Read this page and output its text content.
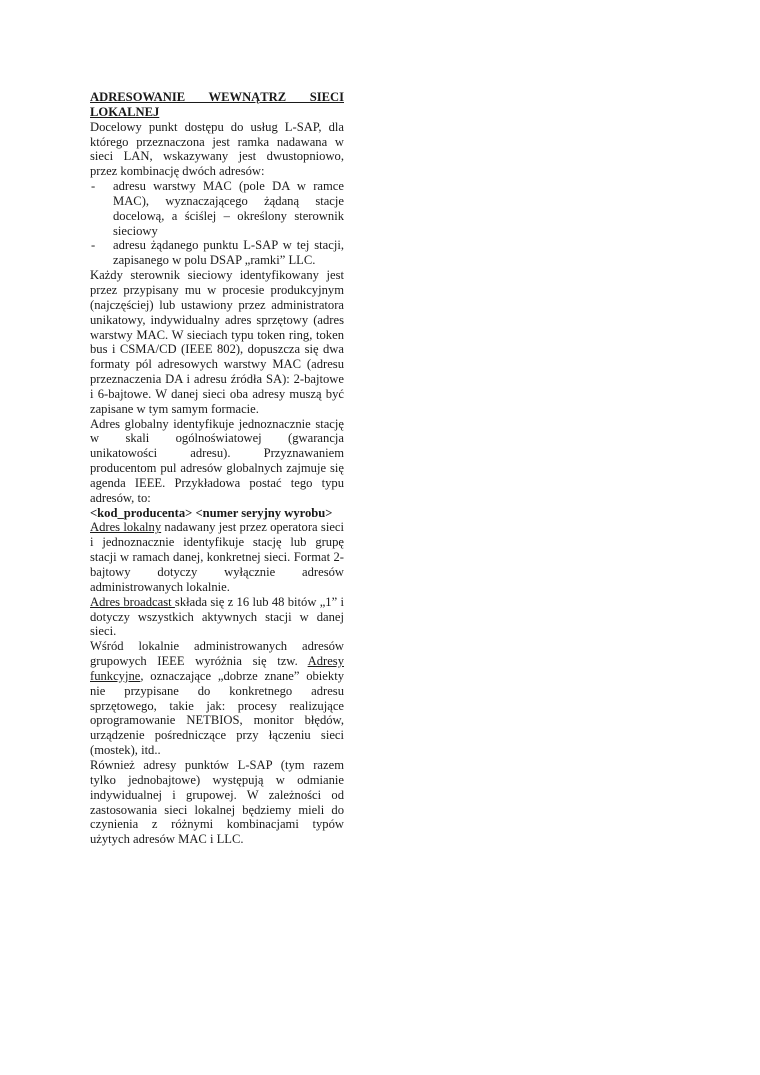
ADRESOWANIE WEWNĄTRZ SIECI LOKALNEJ

Docelowy punkt dostępu do usług L-SAP, dla którego przeznaczona jest ramka nadawana w sieci LAN, wskazywany jest dwustopniowo, przez kombinację dwóch adresów:

- adresu warstwy MAC (pole DA w ramce MAC), wyznaczającego żądaną stacje docelową, a ściślej – określony sterownik sieciowy
- adresu żądanego punktu L-SAP w tej stacji, zapisanego w polu DSAP „ramki” LLC.

Każdy sterownik sieciowy identyfikowany jest przez przypisany mu w procesie produkcyjnym (najczęściej) lub ustawiony przez administratora unikatowy, indywidualny adres sprzętowy (adres warstwy MAC. W sieciach typu token ring, token bus i CSMA/CD (IEEE 802), dopuszcza się dwa formaty pól adresowych warstwy MAC (adresu przeznaczenia DA i adresu źródła SA): 2-bajtowe i 6-bajtowe. W danej sieci oba adresy muszą być zapisane w tym samym formacie.

Adres globalny identyfikuje jednoznacznie stację w skali ogólnoświatowej (gwarancja unikatowości adresu). Przyznawaniem producentom pul adresów globalnych zajmuje się agenda IEEE. Przykładowa postać tego typu adresów, to:

<kod_producenta> <numer seryjny wyrobu>

Adres lokalny nadawany jest przez operatora sieci i jednoznacznie identyfikuje stację lub grupę stacji w ramach danej, konkretnej sieci. Format 2-bajtowy dotyczy wyłącznie adresów administrowanych lokalnie.

Adres broadcast składa się z 16 lub 48 bitów „1” i dotyczy wszystkich aktywnych stacji w danej sieci.

Wśród lokalnie administrowanych adresów grupowych IEEE wyróżnia się tzw. Adresy funkcyjne, oznaczające „dobrze znane” obiekty nie przypisane do konkretnego adresu sprzętowego, takie jak: procesy realizujące oprogramowanie NETBIOS, monitor błędów, urządzenie pośredniczące przy łączeniu sieci (mostek), itd..

Również adresy punktów L-SAP (tym razem tylko jednobajtowe) występują w odmianie indywidualnej i grupowej. W zależności od zastosowania sieci lokalnej będziemy mieli do czynienia z różnymi kombinacjami typów użytych adresów MAC i LLC.
